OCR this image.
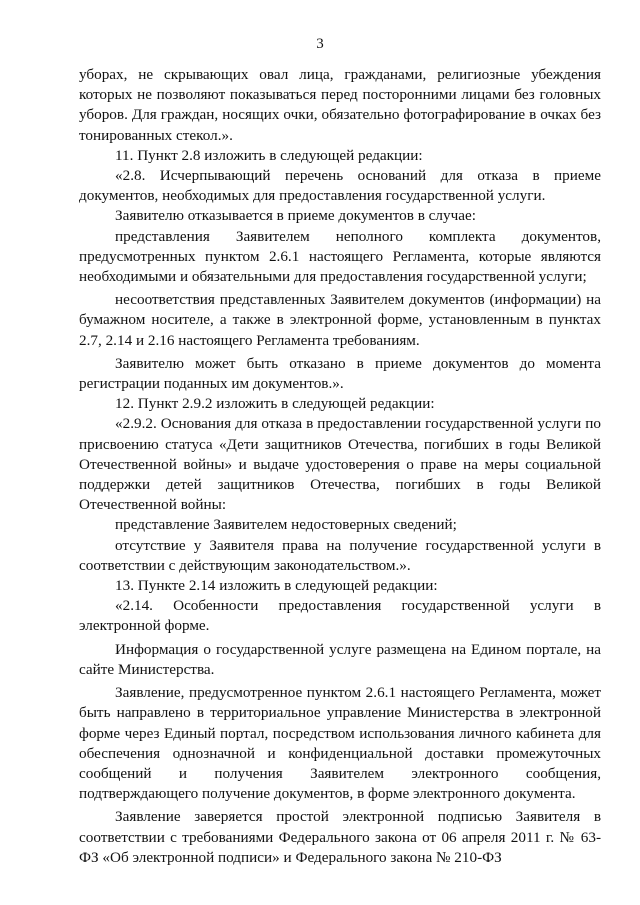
3

уборах, не скрывающих овал лица, гражданами, религиозные убеждения которых не позволяют показываться перед посторонними лицами без головных уборов. Для граждан, носящих очки, обязательно фотографирование в очках без тонированных стекол.».

11. Пункт 2.8 изложить в следующей редакции:

«2.8. Исчерпывающий перечень оснований для отказа в приеме документов, необходимых для предоставления государственной услуги.

Заявителю отказывается в приеме документов в случае:

представления Заявителем неполного комплекта документов, предусмотренных пунктом 2.6.1 настоящего Регламента, которые являются необходимыми и обязательными для предоставления государственной услуги;

несоответствия представленных Заявителем документов (информации) на бумажном носителе, а также в электронной форме, установленным в пунктах 2.7, 2.14 и 2.16 настоящего Регламента требованиям.

Заявителю может быть отказано в приеме документов до момента регистрации поданных им документов.».

12. Пункт 2.9.2 изложить в следующей редакции:

«2.9.2. Основания для отказа в предоставлении государственной услуги по присвоению статуса «Дети защитников Отечества, погибших в годы Великой Отечественной войны» и выдаче удостоверения о праве на меры социальной поддержки детей защитников Отечества, погибших в годы Великой Отечественной войны:

представление Заявителем недостоверных сведений;

отсутствие у Заявителя права на получение государственной услуги в соответствии с действующим законодательством.».

13. Пункте 2.14 изложить в следующей редакции:

«2.14. Особенности предоставления государственной услуги в электронной форме.

Информация о государственной услуге размещена на Едином портале, на сайте Министерства.

Заявление, предусмотренное пунктом 2.6.1 настоящего Регламента, может быть направлено в территориальное управление Министерства в электронной форме через Единый портал, посредством использования личного кабинета для обеспечения однозначной и конфиденциальной доставки промежуточных сообщений и получения Заявителем электронного сообщения, подтверждающего получение документов, в форме электронного документа.

Заявление заверяется простой электронной подписью Заявителя в соответствии с требованиями Федерального закона от 06 апреля 2011 г. № 63-ФЗ «Об электронной подписи» и Федерального закона № 210-ФЗ
